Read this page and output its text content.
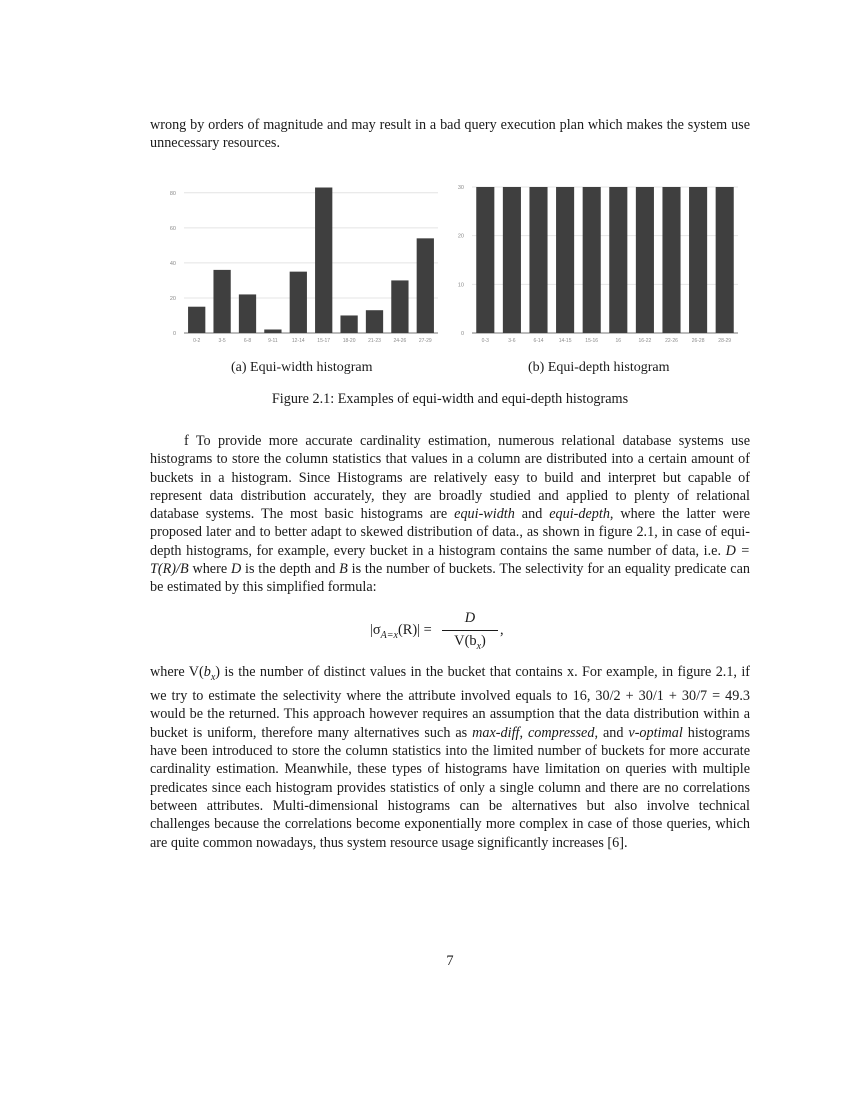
wrong by orders of magnitude and may result in a bad query execution plan which makes the system use unnecessary resources.

0
20
40
60
80
0-2	3-5	6-8	9-11	12-14	15-17	18-20	21-23	24-26	27-29
0
10
20
30
0-3	3-6	6-14	14-15	15-16	16	16-22	22-26	26-28	28-29
(a) Equi-width histogram	(b) Equi-depth histogram
Figure 2.1: Examples of equi-width and equi-depth histograms

f To provide more accurate cardinality estimation, numerous relational database systems use histograms to store the column statistics that values in a column are distributed into a certain amount of buckets in a histogram. Since Histograms are relatively easy to build and interpret but capable of represent data distribution accurately, they are broadly studied and applied to plenty of relational database systems. The most basic histograms are equi-width and equi-depth, where the latter were proposed later and to better adapt to skewed distribution of data., as shown in figure 2.1, in case of equi-depth histograms, for example, every bucket in a histogram contains the same number of data, i.e. D = T(R)/B where D is the depth and B is the number of buckets. The selectivity for an equality predicate can be estimated by this simplified formula:

$|\sigma_{A=x}(R)|$ =
D
$V(b_x)$
,

where $V(b_x)$ is the number of distinct values in the bucket that contains x. For example, in figure 2.1, if we try to estimate the selectivity where the attribute involved equals to 16, 30/2 + 30/1 + 30/7 = 49.3 would be the returned. This approach however requires an assumption that the data distribution within a bucket is uniform, therefore many alternatives such as max-diff, compressed, and v-optimal histograms have been introduced to store the column statistics into the limited number of buckets for more accurate cardinality estimation. Meanwhile, these types of histograms have limitation on queries with multiple predicates since each histogram provides statistics of only a single column and there are no correlations between attributes. Multi-dimensional histograms can be alternatives but also involve technical challenges because the correlations become exponentially more complex in case of those queries, which are quite common nowadays, thus system resource usage significantly increases [6].

7
